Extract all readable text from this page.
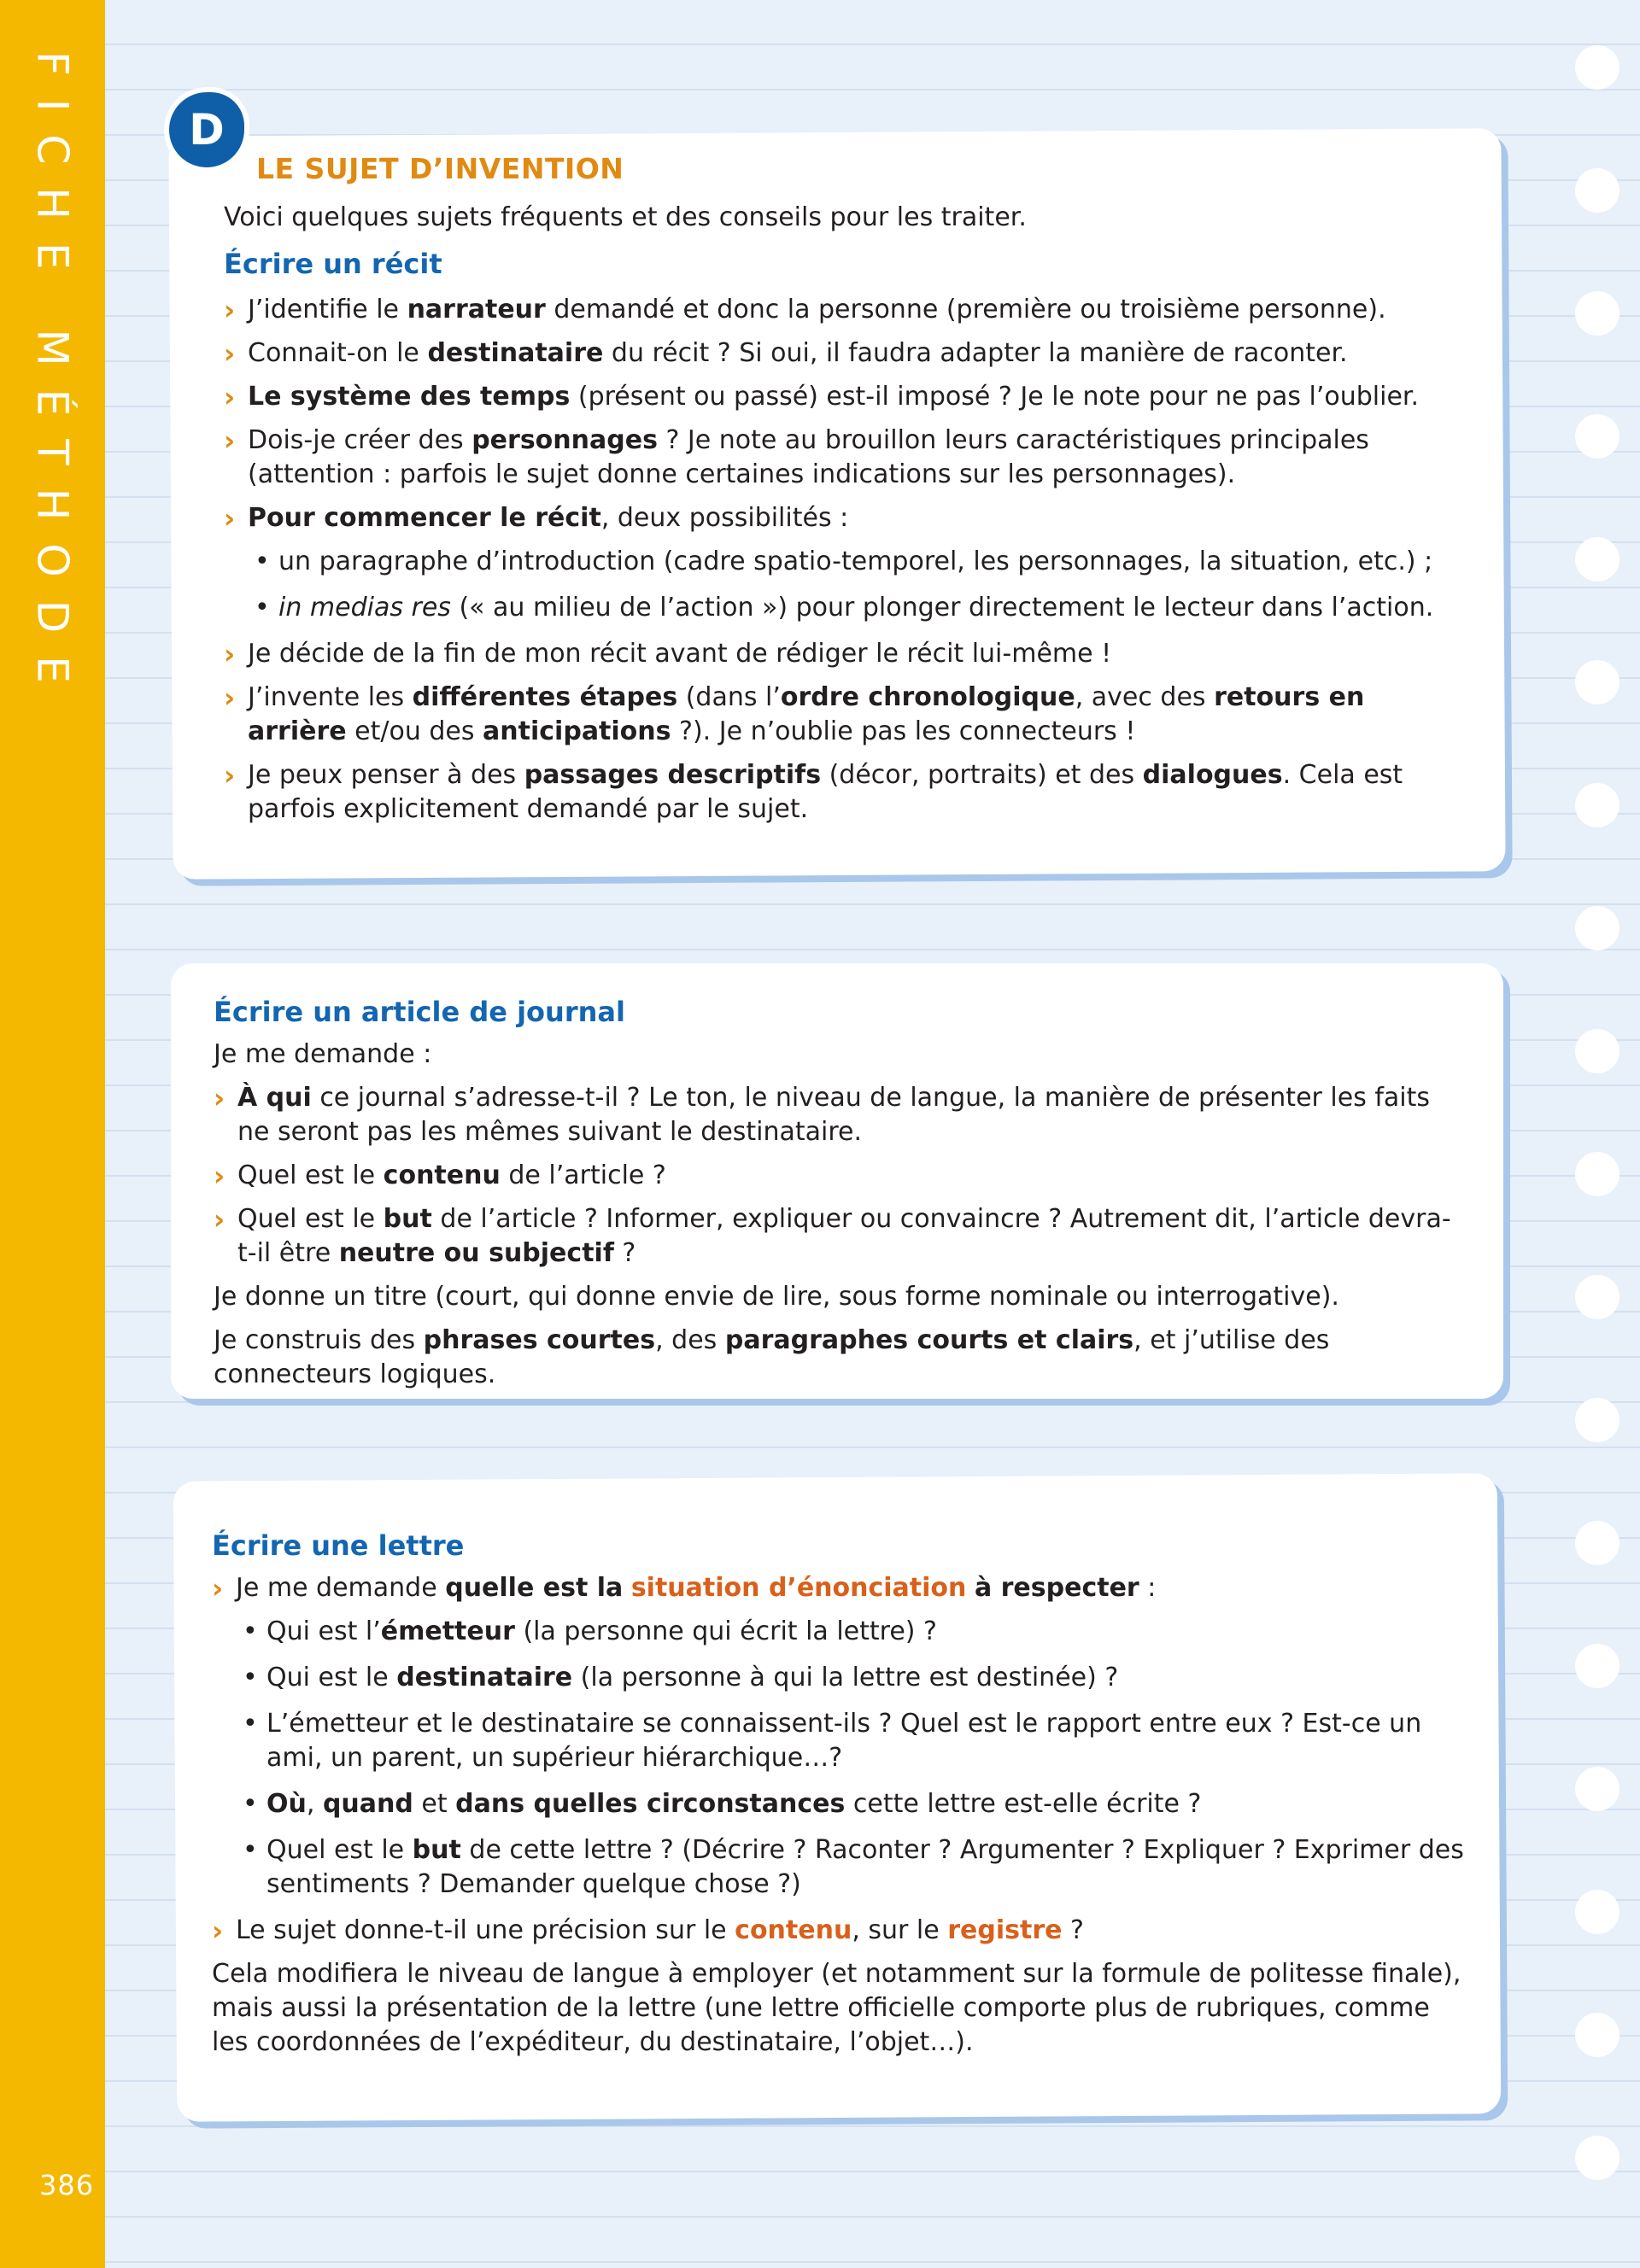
FICHE MÉTHODE
386
D
LE SUJET D’INVENTION
Voici quelques sujets fréquents et des conseils pour les traiter.
Écrire un récit
› J’identifie le narrateur demandé et donc la personne (première ou troisième personne).
› Connait-on le destinataire du récit ? Si oui, il faudra adapter la manière de raconter.
› Le système des temps (présent ou passé) est-il imposé ? Je le note pour ne pas l’oublier.
› Dois-je créer des personnages ? Je note au brouillon leurs caractéristiques principales (attention : parfois le sujet donne certaines indications sur les personnages).
› Pour commencer le récit, deux possibilités :
• un paragraphe d’introduction (cadre spatio-temporel, les personnages, la situation, etc.) ;
• in medias res (« au milieu de l’action ») pour plonger directement le lecteur dans l’action.
› Je décide de la fin de mon récit avant de rédiger le récit lui-même !
› J’invente les différentes étapes (dans l’ordre chronologique, avec des retours en arrière et/ou des anticipations ?). Je n’oublie pas les connecteurs !
› Je peux penser à des passages descriptifs (décor, portraits) et des dialogues. Cela est parfois explicitement demandé par le sujet.
Écrire un article de journal
Je me demande :
› À qui ce journal s’adresse-t-il ? Le ton, le niveau de langue, la manière de présenter les faits ne seront pas les mêmes suivant le destinataire.
› Quel est le contenu de l’article ?
› Quel est le but de l’article ? Informer, expliquer ou convaincre ? Autrement dit, l’article devra-t-il être neutre ou subjectif ?
Je donne un titre (court, qui donne envie de lire, sous forme nominale ou interrogative).
Je construis des phrases courtes, des paragraphes courts et clairs, et j’utilise des connecteurs logiques.
Écrire une lettre
› Je me demande quelle est la situation d’énonciation à respecter :
• Qui est l’émetteur (la personne qui écrit la lettre) ?
• Qui est le destinataire (la personne à qui la lettre est destinée) ?
• L’émetteur et le destinataire se connaissent-ils ? Quel est le rapport entre eux ? Est-ce un ami, un parent, un supérieur hiérarchique…?
• Où, quand et dans quelles circonstances cette lettre est-elle écrite ?
• Quel est le but de cette lettre ? (Décrire ? Raconter ? Argumenter ? Expliquer ? Exprimer des sentiments ? Demander quelque chose ?)
› Le sujet donne-t-il une précision sur le contenu, sur le registre ?
Cela modifiera le niveau de langue à employer (et notamment sur la formule de politesse finale), mais aussi la présentation de la lettre (une lettre officielle comporte plus de rubriques, comme les coordonnées de l’expéditeur, du destinataire, l’objet…).
